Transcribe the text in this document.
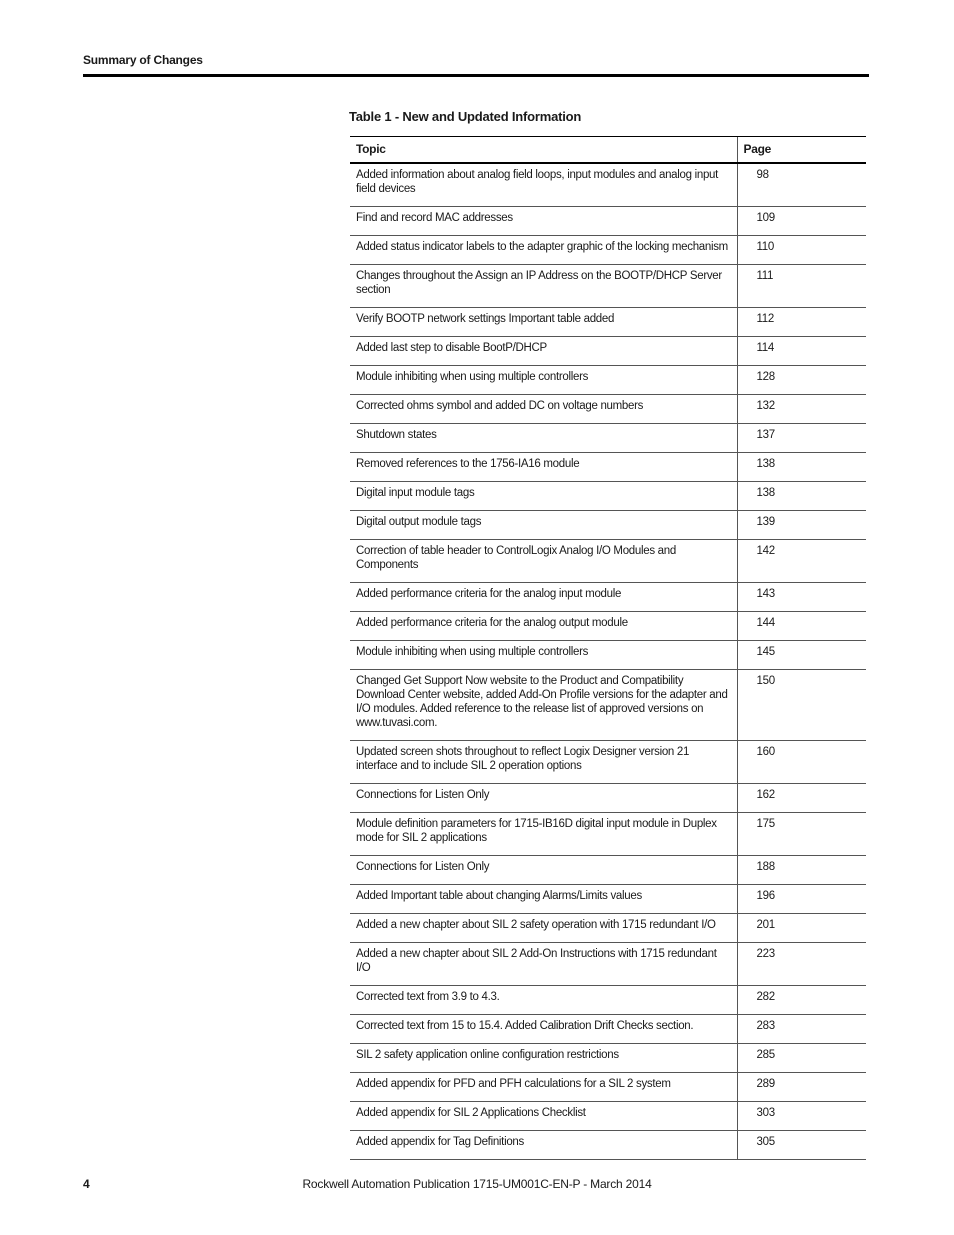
Summary of Changes
Table 1 - New and Updated Information
Topic	Page
Added information about analog field loops, input modules and analog input field devices	98
Find and record MAC addresses	109
Added status indicator labels to the adapter graphic of the locking mechanism	110
Changes throughout the Assign an IP Address on the BOOTP/DHCP Server section	111
Verify BOOTP network settings Important table added	112
Added last step to disable BootP/DHCP	114
Module inhibiting when using multiple controllers	128
Corrected ohms symbol and added DC on voltage numbers	132
Shutdown states	137
Removed references to the 1756-IA16 module	138
Digital input module tags	138
Digital output module tags	139
Correction of table header to ControlLogix Analog I/O Modules and Components	142
Added performance criteria for the analog input module	143
Added performance criteria for the analog output module	144
Module inhibiting when using multiple controllers	145
Changed Get Support Now website to the Product and Compatibility Download Center website, added Add-On Profile versions for the adapter and I/O modules. Added reference to the release list of approved versions on www.tuvasi.com.	150
Updated screen shots throughout to reflect Logix Designer version 21 interface and to include SIL 2 operation options	160
Connections for Listen Only	162
Module definition parameters for 1715-IB16D digital input module in Duplex mode for SIL 2 applications	175
Connections for Listen Only	188
Added Important table about changing Alarms/Limits values	196
Added a new chapter about SIL 2 safety operation with 1715 redundant I/O	201
Added a new chapter about SIL 2 Add-On Instructions with 1715 redundant I/O	223
Corrected text from 3.9 to 4.3.	282
Corrected text from 15 to 15.4. Added Calibration Drift Checks section.	283
SIL 2 safety application online configuration restrictions	285
Added appendix for PFD and PFH calculations for a SIL 2 system	289
Added appendix for SIL 2 Applications Checklist	303
Added appendix for Tag Definitions	305
4	Rockwell Automation Publication 1715-UM001C-EN-P - March 2014
